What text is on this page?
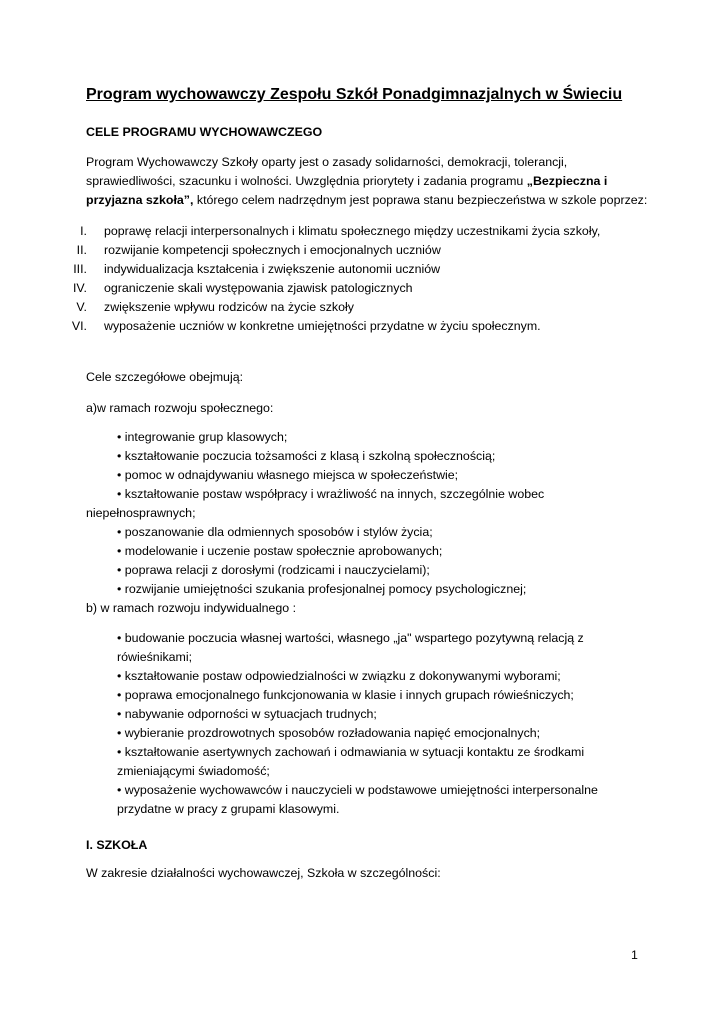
Program wychowawczy Zespołu Szkół Ponadgimnazjalnych w Świeciu
CELE PROGRAMU WYCHOWAWCZEGO
Program Wychowawczy Szkoły oparty jest o zasady solidarności, demokracji, tolerancji,
sprawiedliwości, szacunku i wolności. Uwzględnia priorytety i zadania programu „Bezpieczna i
przyjazna szkoła”, którego celem nadrzędnym jest poprawa stanu bezpieczeństwa w szkole poprzez:
I. poprawę relacji interpersonalnych i klimatu społecznego między uczestnikami życia szkoły,
II. rozwijanie kompetencji społecznych i emocjonalnych uczniów
III. indywidualizacja kształcenia i zwiększenie autonomii uczniów
IV. ograniczenie skali występowania zjawisk patologicznych
V. zwiększenie wpływu rodziców na życie szkoły
VI. wyposażenie uczniów w konkretne umiejętności przydatne w życiu społecznym.
Cele szczegółowe obejmują:
a)w ramach rozwoju społecznego:
• integrowanie grup klasowych;
• kształtowanie poczucia tożsamości z klasą i szkolną społecznością;
• pomoc w odnajdywaniu własnego miejsca w społeczeństwie;
• kształtowanie postaw współpracy i wrażliwość na innych, szczególnie wobec
niepełnosprawnych;
• poszanowanie dla odmiennych sposobów i stylów życia;
• modelowanie i uczenie postaw społecznie aprobowanych;
• poprawa relacji z dorosłymi (rodzicami i nauczycielami);
• rozwijanie umiejętności szukania profesjonalnej pomocy psychologicznej;
b) w ramach rozwoju indywidualnego :
• budowanie poczucia własnej wartości, własnego „ja" wspartego pozytywną relacją z
rówieśnikami;
• kształtowanie postaw odpowiedzialności w związku z dokonywanymi wyborami;
• poprawa emocjonalnego funkcjonowania w klasie i innych grupach rówieśniczych;
• nabywanie odporności w sytuacjach trudnych;
• wybieranie prozdrowotnych sposobów rozładowania napięć emocjonalnych;
• kształtowanie asertywnych zachowań i odmawiania w sytuacji kontaktu ze środkami
zmieniającymi świadomość;
• wyposażenie wychowawców i nauczycieli w podstawowe umiejętności interpersonalne
przydatne w pracy z grupami klasowymi.
I. SZKOŁA
W zakresie działalności wychowawczej, Szkoła w szczególności:
1
